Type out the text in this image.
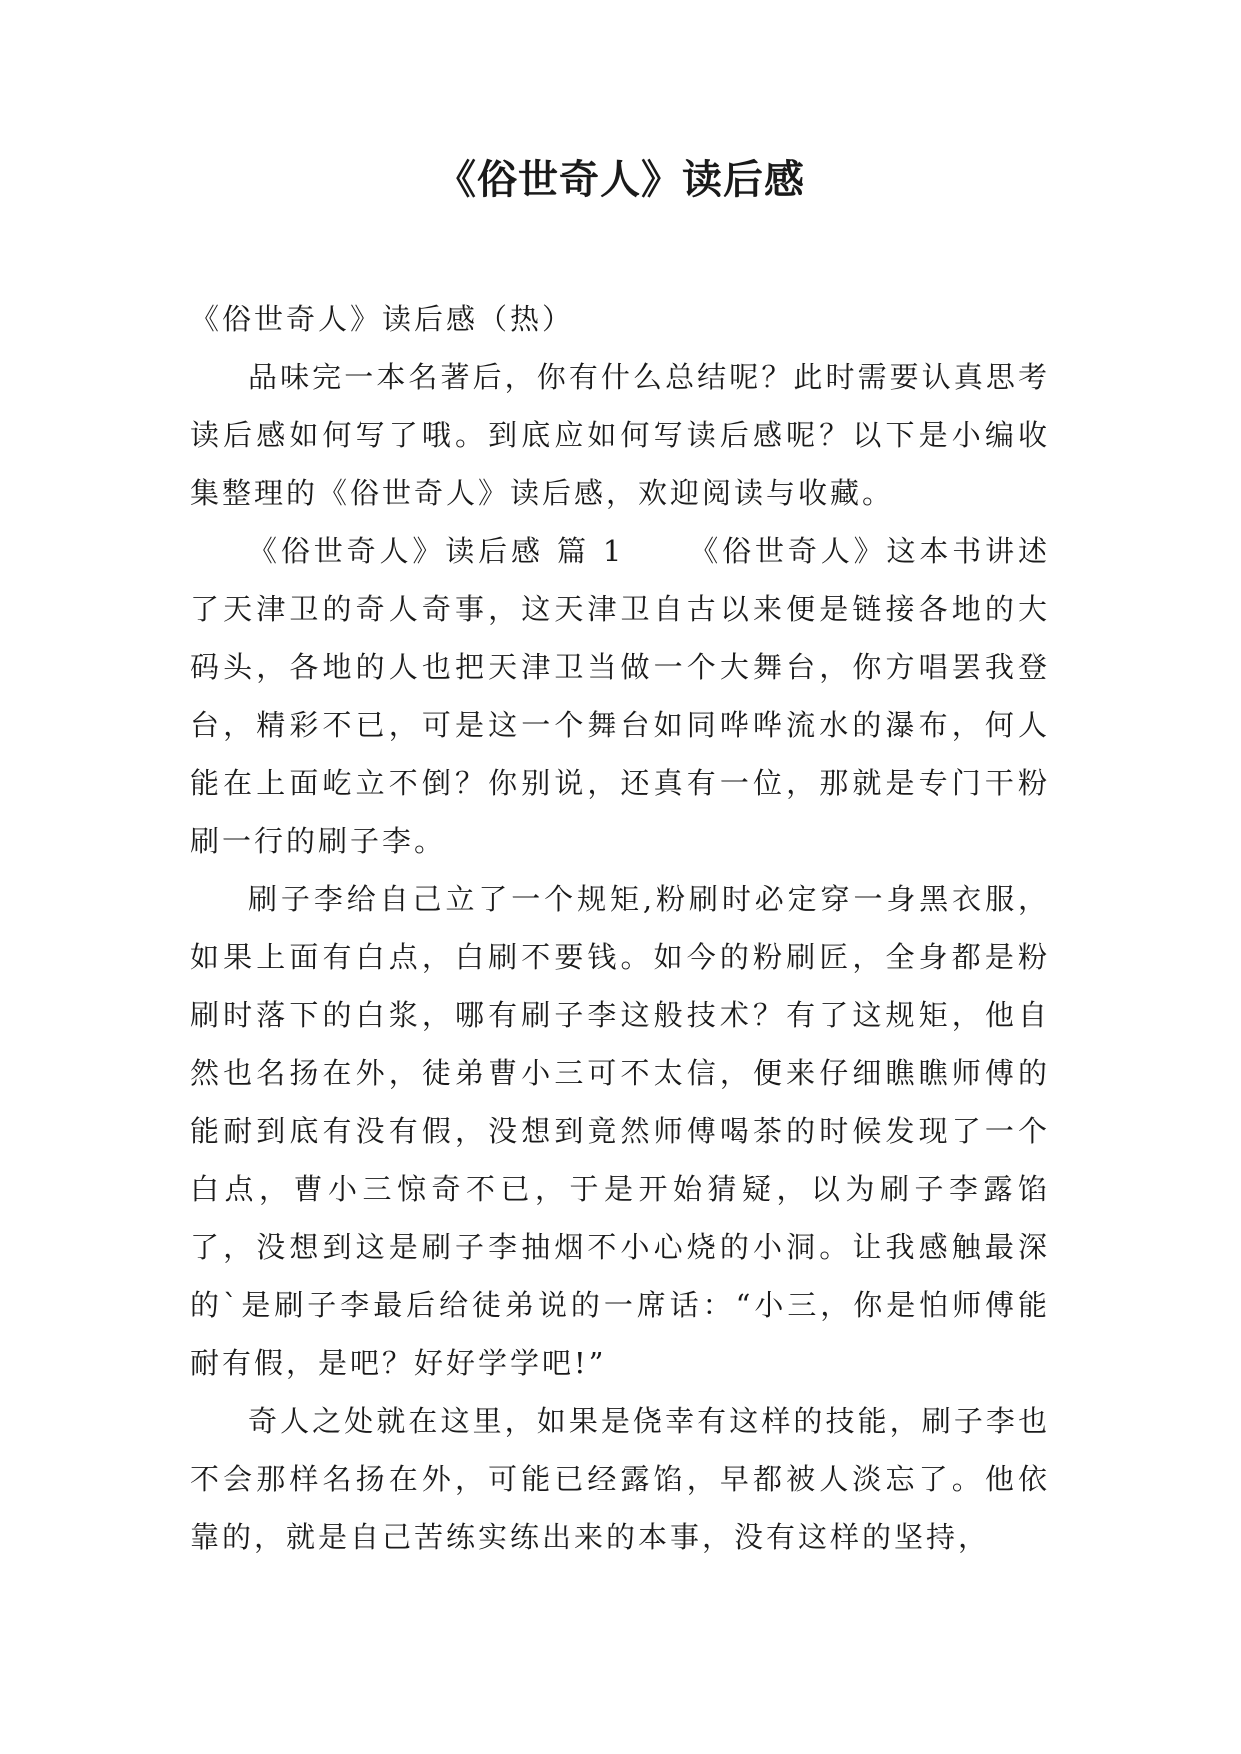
《俗世奇人》读后感

《俗世奇人》读后感（热）

品味完一本名著后，你有什么总结呢？此时需要认真思考读后感如何写了哦。到底应如何写读后感呢？以下是小编收集整理的《俗世奇人》读后感，欢迎阅读与收藏。

《俗世奇人》读后感 篇 1 《俗世奇人》这本书讲述了天津卫的奇人奇事，这天津卫自古以来便是链接各地的大码头，各地的人也把天津卫当做一个大舞台，你方唱罢我登台，精彩不已，可是这一个舞台如同哗哗流水的瀑布，何人能在上面屹立不倒？你别说，还真有一位，那就是专门干粉刷一行的刷子李。

刷子李给自己立了一个规矩,粉刷时必定穿一身黑衣服，如果上面有白点，白刷不要钱。如今的粉刷匠，全身都是粉刷时落下的白浆，哪有刷子李这般技术？有了这规矩，他自然也名扬在外，徒弟曹小三可不太信，便来仔细瞧瞧师傅的能耐到底有没有假，没想到竟然师傅喝茶的时候发现了一个白点，曹小三惊奇不已，于是开始猜疑，以为刷子李露馅了，没想到这是刷子李抽烟不小心烧的小洞。让我感触最深的`是刷子李最后给徒弟说的一席话：“小三，你是怕师傅能耐有假，是吧？好好学学吧!”

奇人之处就在这里，如果是侥幸有这样的技能，刷子李也不会那样名扬在外，可能已经露馅，早都被人淡忘了。他依靠的，就是自己苦练实练出来的本事，没有这样的坚持，
